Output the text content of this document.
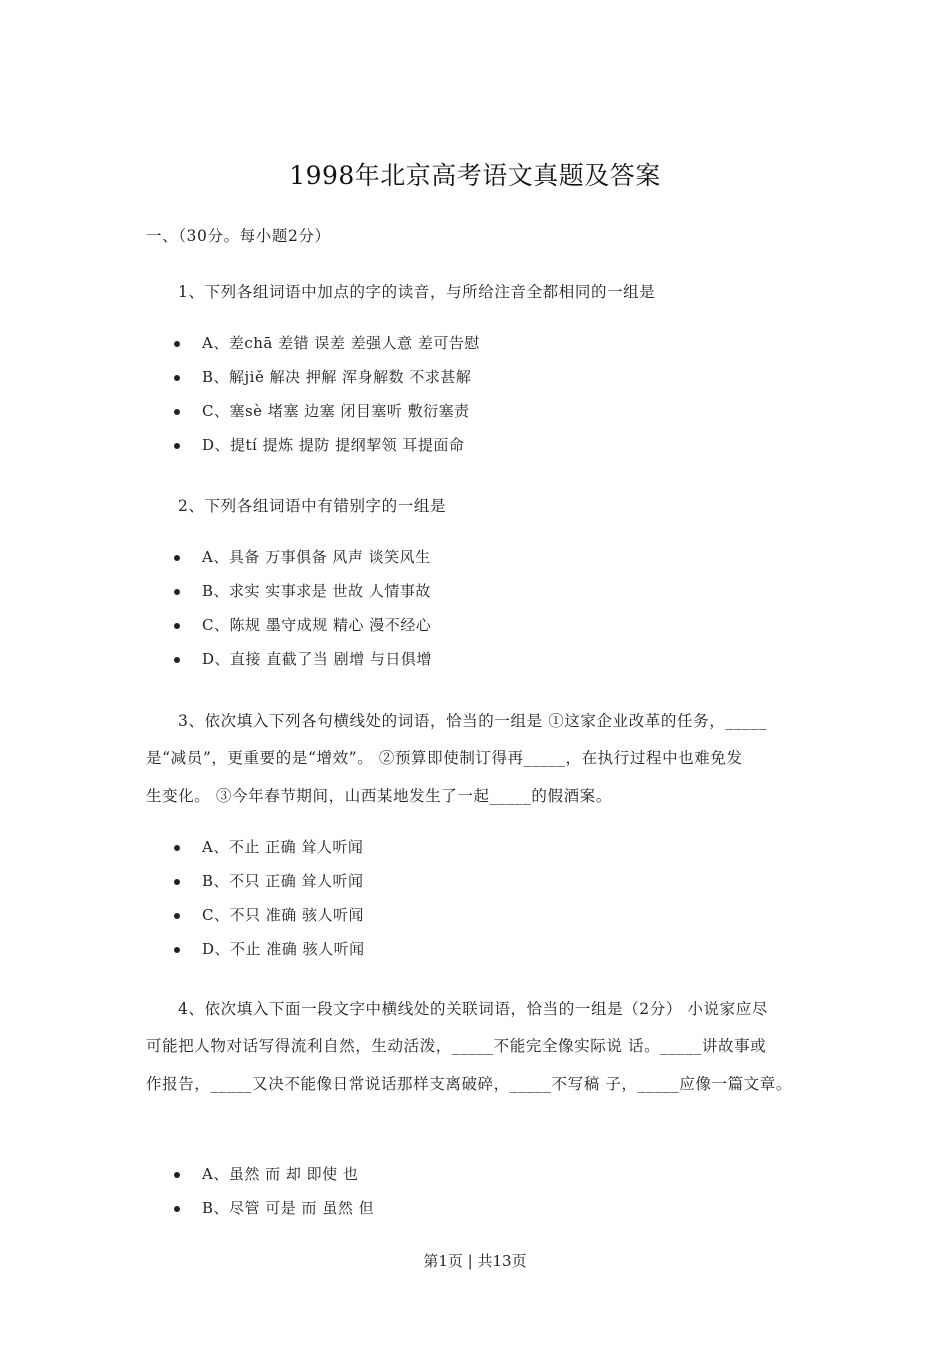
1998年北京高考语文真题及答案
一、（30分。每小题2分）
1、下列各组词语中加点的字的读音，与所给注音全都相同的一组是
A、差chā 差错 误差 差强人意 差可告慰
B、解jiě 解决 押解 浑身解数 不求甚解
C、塞sè 堵塞 边塞 闭目塞听 敷衍塞责
D、提tí 提炼 提防 提纲挈领 耳提面命
2、下列各组词语中有错别字的一组是
A、具备 万事俱备 风声 谈笑风生
B、求实 实事求是 世故 人情事故
C、陈规 墨守成规 精心 漫不经心
D、直接 直截了当 剧增 与日俱增
3、依次填入下列各句横线处的词语，恰当的一组是 ①这家企业改革的任务，_____
是“减员”，更重要的是“增效”。 ②预算即使制订得再_____，在执行过程中也难免发
生变化。 ③今年春节期间，山西某地发生了一起_____的假酒案。
A、不止 正确 耸人听闻
B、不只 正确 耸人听闻
C、不只 准确 骇人听闻
D、不止 准确 骇人听闻
4、依次填入下面一段文字中横线处的关联词语，恰当的一组是（2分） 小说家应尽
可能把人物对话写得流利自然，生动活泼，_____不能完全像实际说 话。_____讲故事或
作报告，_____又决不能像日常说话那样支离破碎，_____不写稿 子，_____应像一篇文章。
A、虽然 而 却 即使 也
B、尽管 可是 而 虽然 但
第1页 | 共13页
